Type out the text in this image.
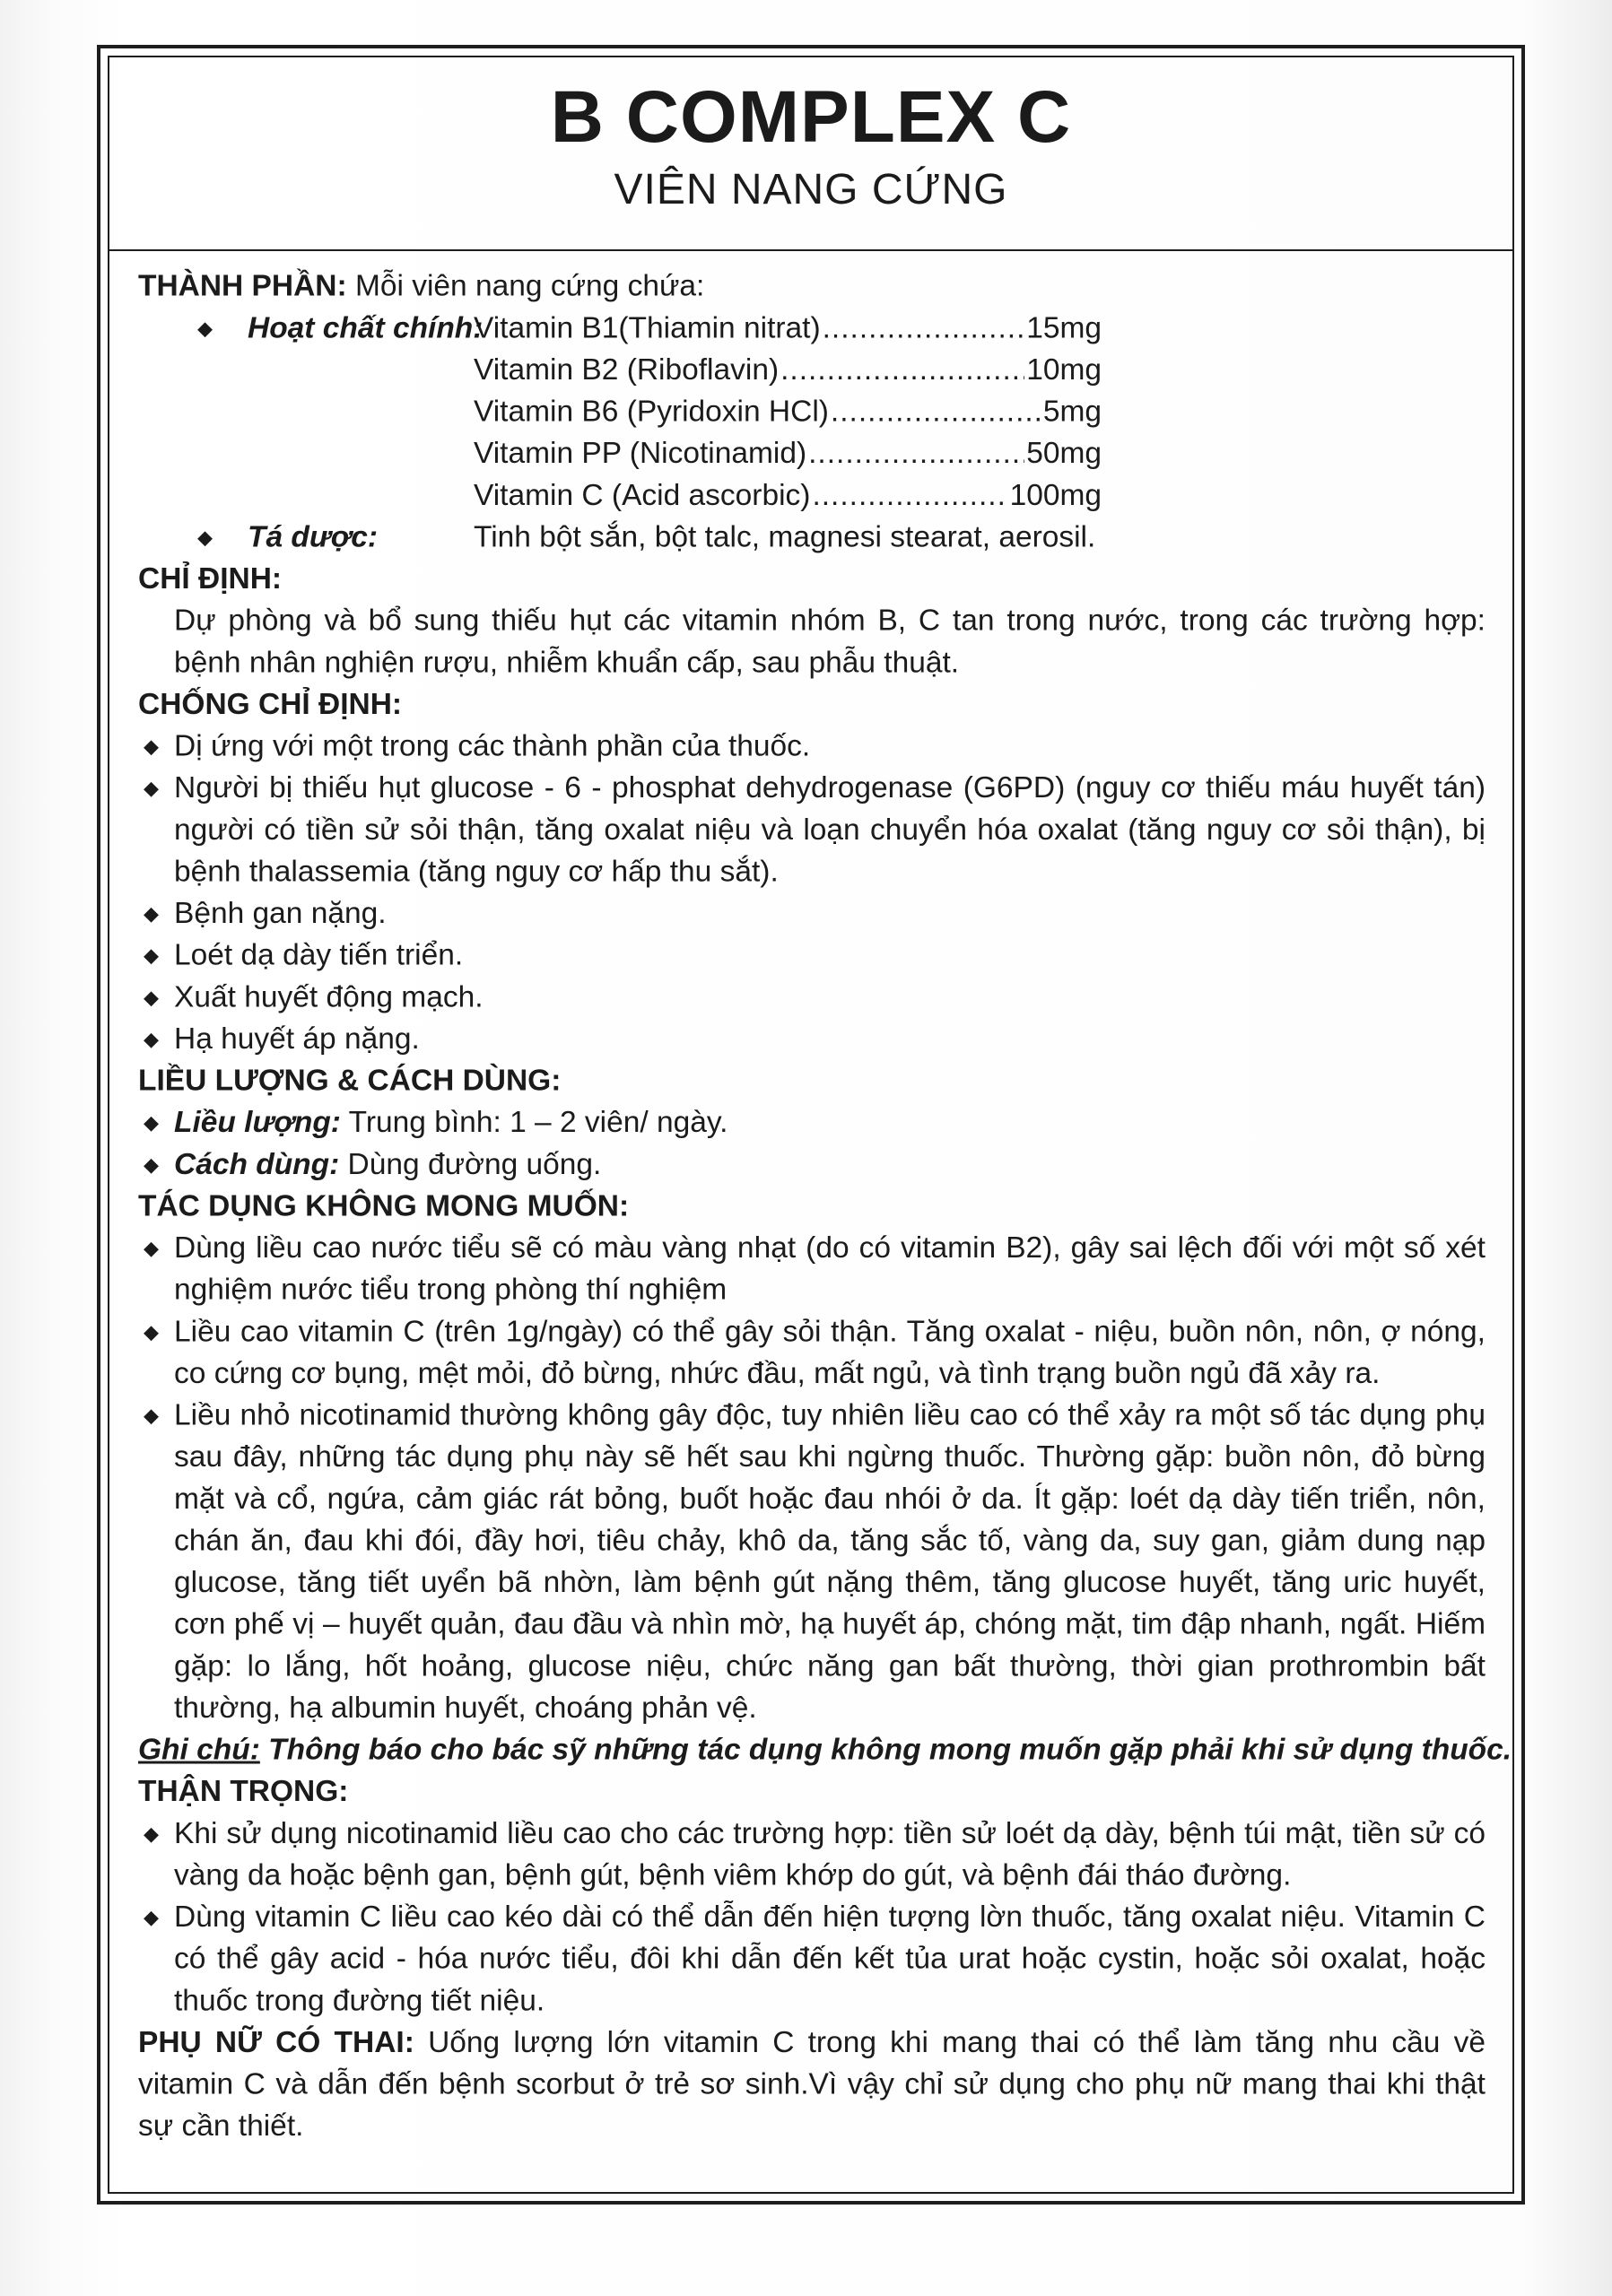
B COMPLEX C
VIÊN NANG CỨNG
THÀNH PHẦN: Mỗi viên nang cứng chứa:
◆ Hoạt chất chính:
Vitamin B1(Thiamin nitrat) .....	15mg
Vitamin B2 (Riboflavin) .....	10mg
Vitamin B6 (Pyridoxin HCl) .....	5mg
Vitamin PP (Nicotinamid) .....	50mg
Vitamin C (Acid ascorbic) .....	100mg
◆ Tá dược:	Tinh bột sắn, bột talc, magnesi stearat, aerosil.
CHỈ ĐỊNH:
Dự phòng và bổ sung thiếu hụt các vitamin nhóm B, C tan trong nước, trong các trường hợp: bệnh nhân nghiện rượu, nhiễm khuẩn cấp, sau phẫu thuật.
CHỐNG CHỈ ĐỊNH:
◆ Dị ứng với một trong các thành phần của thuốc.
◆ Người bị thiếu hụt glucose - 6 - phosphat dehydrogenase (G6PD) (nguy cơ thiếu máu huyết tán) người có tiền sử sỏi thận, tăng oxalat niệu và loạn chuyển hóa oxalat (tăng nguy cơ sỏi thận), bị bệnh thalassemia (tăng nguy cơ hấp thu sắt).
◆ Bệnh gan nặng.
◆ Loét dạ dày tiến triển.
◆ Xuất huyết động mạch.
◆ Hạ huyết áp nặng.
LIỀU LƯỢNG & CÁCH DÙNG:
◆ Liều lượng: Trung bình: 1 – 2 viên/ ngày.
◆ Cách dùng: Dùng đường uống.
TÁC DỤNG KHÔNG MONG MUỐN:
◆ Dùng liều cao nước tiểu sẽ có màu vàng nhạt (do có vitamin B2), gây sai lệch đối với một số xét nghiệm nước tiểu trong phòng thí nghiệm
◆ Liều cao vitamin C (trên 1g/ngày) có thể gây sỏi thận. Tăng oxalat - niệu, buồn nôn, nôn, ợ nóng, co cứng cơ bụng, mệt mỏi, đỏ bừng, nhức đầu, mất ngủ, và tình trạng buồn ngủ đã xảy ra.
◆ Liều nhỏ nicotinamid thường không gây độc, tuy nhiên liều cao có thể xảy ra một số tác dụng phụ sau đây, những tác dụng phụ này sẽ hết sau khi ngừng thuốc. Thường gặp: buồn nôn, đỏ bừng mặt và cổ, ngứa, cảm giác rát bỏng, buốt hoặc đau nhói ở da. Ít gặp: loét dạ dày tiến triển, nôn, chán ăn, đau khi đói, đầy hơi, tiêu chảy, khô da, tăng sắc tố, vàng da, suy gan, giảm dung nạp glucose, tăng tiết uyển bã nhờn, làm bệnh gút nặng thêm, tăng glucose huyết, tăng uric huyết, cơn phế vị – huyết quản, đau đầu và nhìn mờ, hạ huyết áp, chóng mặt, tim đập nhanh, ngất. Hiếm gặp: lo lắng, hốt hoảng, glucose niệu, chức năng gan bất thường, thời gian prothrombin bất thường, hạ albumin huyết, choáng phản vệ.
Ghi chú: Thông báo cho bác sỹ những tác dụng không mong muốn gặp phải khi sử dụng thuốc.
THẬN TRỌNG:
◆ Khi sử dụng nicotinamid liều cao cho các trường hợp: tiền sử loét dạ dày, bệnh túi mật, tiền sử có vàng da hoặc bệnh gan, bệnh gút, bệnh viêm khớp do gút, và bệnh đái tháo đường.
◆ Dùng vitamin C liều cao kéo dài có thể dẫn đến hiện tượng lờn thuốc, tăng oxalat niệu. Vitamin C có thể gây acid - hóa nước tiểu, đôi khi dẫn đến kết tủa urat hoặc cystin, hoặc sỏi oxalat, hoặc thuốc trong đường tiết niệu.
PHỤ NỮ CÓ THAI: Uống lượng lớn vitamin C trong khi mang thai có thể làm tăng nhu cầu về vitamin C và dẫn đến bệnh scorbut ở trẻ sơ sinh.Vì vậy chỉ sử dụng cho phụ nữ mang thai khi thật sự cần thiết.
